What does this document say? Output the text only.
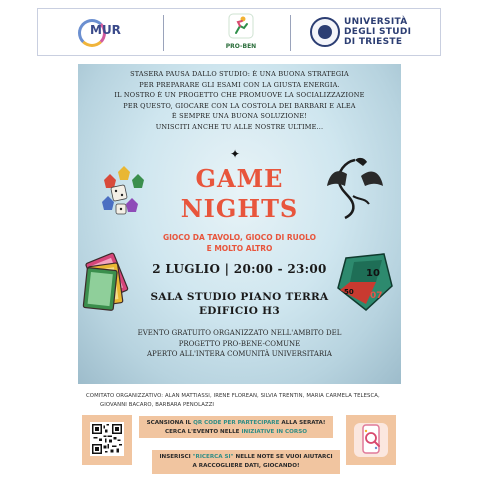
MUR
PRO-BEN
UNIVERSITÀ
DEGLI STUDI
DI TRIESTE
STASERA PAUSA DALLO STUDIO: È UNA BUONA STRATEGIA
PER PREPARARE GLI ESAMI CON LA GIUSTA ENERGIA.
IL NOSTRO È UN PROGETTO CHE PROMUOVE LA SOCIALIZZAZIONE
PER QUESTO, GIOCARE CON LA COSTOLA DEI BARBARI E ALEA
È SEMPRE UNA BUONA SOLUZIONE!
UNISCITI ANCHE TU ALLE NOSTRE ULTIME...
✦
GAME
NIGHTS
GIOCO DA TAVOLO, GIOCO DI RUOLO
E MOLTO ALTRO
2 LUGLIO | 20:00 - 23:00
SALA STUDIO PIANO TERRA
EDIFICIO H3
10
50 07
EVENTO GRATUITO ORGANIZZATO NELL'AMBITO DEL
PROGETTO PRO-BENE-COMUNE
APERTO ALL'INTERA COMUNITÀ UNIVERSITARIA
COMITATO ORGANIZZATIVO: ALAN MATTIASSI, IRENE FLOREAN, SILVIA TRENTIN, MARIA CARMELA TELESCA,
GIOVANNI BACARO, BARBARA PENOLAZZI
SCANSIONA IL QR CODE PER PARTECIPARE ALLA SERATA!
CERCA L'EVENTO NELLE INIZIATIVE IN CORSO
INSERISCI "RICERCA SI" NELLE NOTE SE VUOI AIUTARCI
A RACCOGLIERE DATI, GIOCANDO!
